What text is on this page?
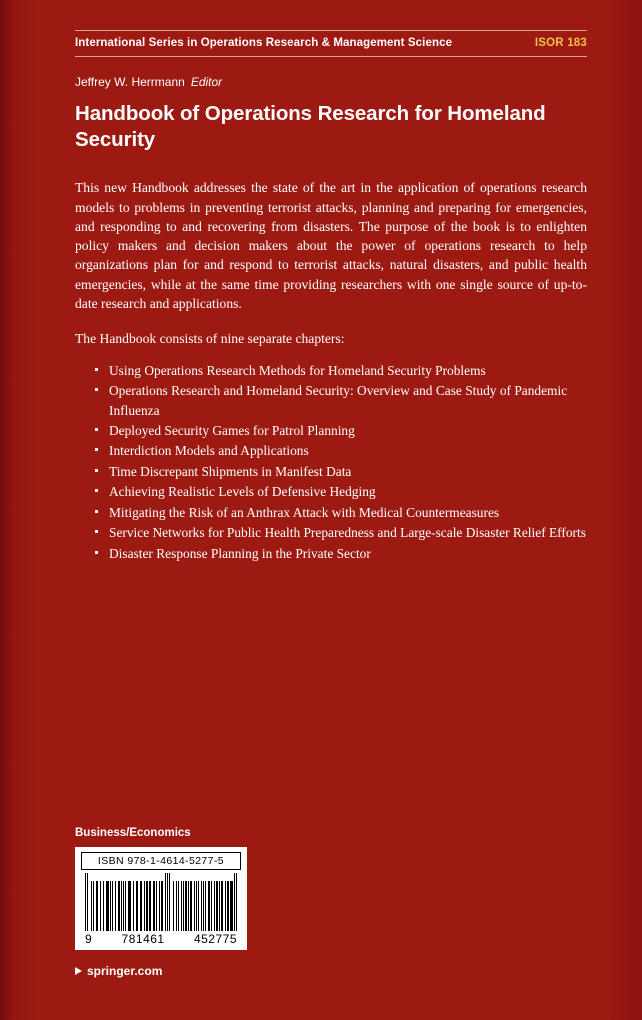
International Series in Operations Research & Management Science	ISOR 183
Jeffrey W. Herrmann Editor
Handbook of Operations Research for Homeland Security
This new Handbook addresses the state of the art in the application of operations research models to problems in preventing terrorist attacks, planning and preparing for emergencies, and responding to and recovering from disasters. The purpose of the book is to enlighten policy makers and decision makers about the power of operations research to help organizations plan for and respond to terrorist attacks, natural disasters, and public health emergencies, while at the same time providing researchers with one single source of up-to-date research and applications.
The Handbook consists of nine separate chapters:
Using Operations Research Methods for Homeland Security Problems
Operations Research and Homeland Security: Overview and Case Study of Pandemic Influenza
Deployed Security Games for Patrol Planning
Interdiction Models and Applications
Time Discrepant Shipments in Manifest Data
Achieving Realistic Levels of Defensive Hedging
Mitigating the Risk of an Anthrax Attack with Medical Countermeasures
Service Networks for Public Health Preparedness and Large-scale Disaster Relief Efforts
Disaster Response Planning in the Private Sector
Business/Economics
ISBN 978-1-4614-5277-5
9 781461 452775
springer.com
